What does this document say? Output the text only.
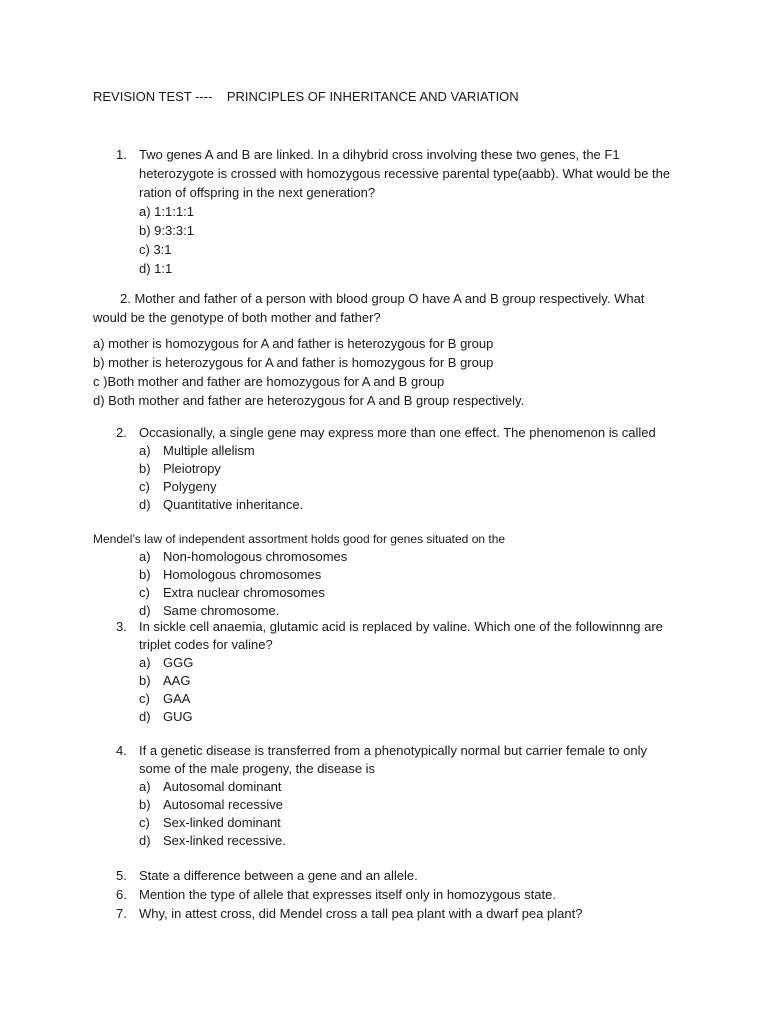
REVISION TEST ----    PRINCIPLES OF INHERITANCE AND VARIATION
1. Two genes A and B are linked. In a dihybrid cross involving these two genes, the F1 heterozygote is crossed with homozygous recessive parental type(aabb). What would be the ration of offspring in the next generation?
a) 1:1:1:1
b) 9:3:3:1
c) 3:1
d) 1:1
2. Mother and father of a person with blood group O have A and B group respectively. What would be the genotype of both mother and father?
a) mother is homozygous for A and father is heterozygous for B group
b) mother is heterozygous for A and father is homozygous for B group
c )Both mother and father are homozygous for A and B group
d) Both mother and father are heterozygous for A and B group respectively.
2. Occasionally, a single gene may express more than one effect. The phenomenon is called
a) Multiple allelism
b) Pleiotropy
c) Polygeny
d) Quantitative inheritance.
Mendel’s law of independent assortment holds good for genes situated on the
a) Non-homologous chromosomes
b) Homologous chromosomes
c) Extra nuclear chromosomes
d) Same chromosome.
3. In sickle cell anaemia, glutamic acid is replaced by valine. Which one of the followinnng are triplet codes for valine?
a) GGG
b) AAG
c) GAA
d) GUG
4. If a genetic disease is transferred from a phenotypically normal but carrier female to only some of the male progeny, the disease is
a) Autosomal dominant
b) Autosomal recessive
c) Sex-linked dominant
d) Sex-linked recessive.
5. State a difference between a gene and an allele.
6. Mention the type of allele that expresses itself only in homozygous state.
7. Why, in attest cross, did Mendel cross a tall pea plant with a dwarf pea plant?
